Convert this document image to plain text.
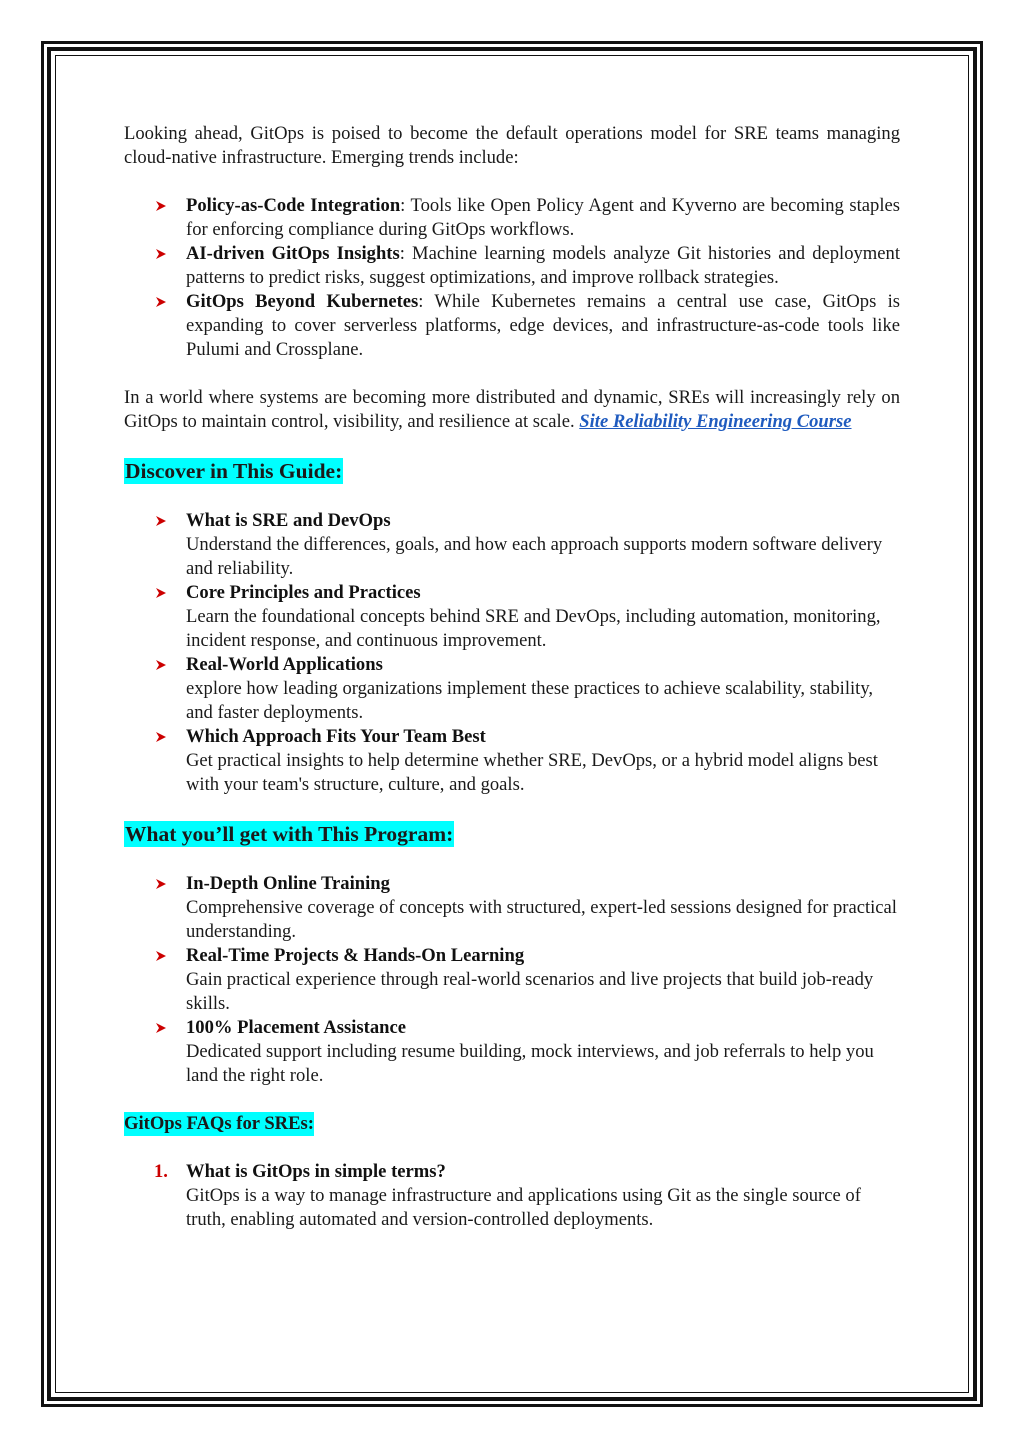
Looking ahead, GitOps is poised to become the default operations model for SRE teams managing cloud-native infrastructure. Emerging trends include:

Policy-as-Code Integration: Tools like Open Policy Agent and Kyverno are becoming staples for enforcing compliance during GitOps workflows.
AI-driven GitOps Insights: Machine learning models analyze Git histories and deployment patterns to predict risks, suggest optimizations, and improve rollback strategies.
GitOps Beyond Kubernetes: While Kubernetes remains a central use case, GitOps is expanding to cover serverless platforms, edge devices, and infrastructure-as-code tools like Pulumi and Crossplane.

In a world where systems are becoming more distributed and dynamic, SREs will increasingly rely on GitOps to maintain control, visibility, and resilience at scale. Site Reliability Engineering Course

Discover in This Guide:

What is SRE and DevOps
Understand the differences, goals, and how each approach supports modern software delivery and reliability.
Core Principles and Practices
Learn the foundational concepts behind SRE and DevOps, including automation, monitoring, incident response, and continuous improvement.
Real-World Applications
explore how leading organizations implement these practices to achieve scalability, stability, and faster deployments.
Which Approach Fits Your Team Best
Get practical insights to help determine whether SRE, DevOps, or a hybrid model aligns best with your team's structure, culture, and goals.

What you’ll get with This Program:

In-Depth Online Training
Comprehensive coverage of concepts with structured, expert-led sessions designed for practical understanding.
Real-Time Projects & Hands-On Learning
Gain practical experience through real-world scenarios and live projects that build job-ready skills.
100% Placement Assistance
Dedicated support including resume building, mock interviews, and job referrals to help you land the right role.

GitOps FAQs for SREs:

1. What is GitOps in simple terms?
GitOps is a way to manage infrastructure and applications using Git as the single source of truth, enabling automated and version-controlled deployments.
